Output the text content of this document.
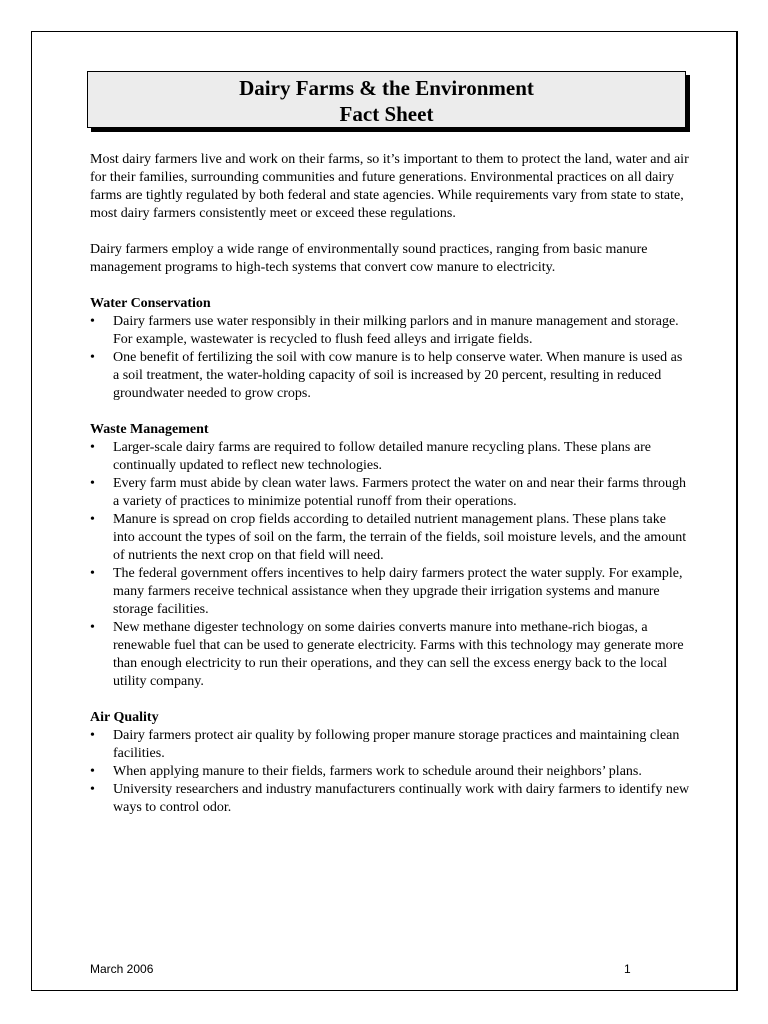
Dairy Farms & the Environment
Fact Sheet

Most dairy farmers live and work on their farms, so it’s important to them to protect the land, water and air for their families, surrounding communities and future generations. Environmental practices on all dairy farms are tightly regulated by both federal and state agencies. While requirements vary from state to state, most dairy farmers consistently meet or exceed these regulations.

Dairy farmers employ a wide range of environmentally sound practices, ranging from basic manure management programs to high-tech systems that convert cow manure to electricity.

Water Conservation
•	Dairy farmers use water responsibly in their milking parlors and in manure management and storage. For example, wastewater is recycled to flush feed alleys and irrigate fields.
•	One benefit of fertilizing the soil with cow manure is to help conserve water. When manure is used as a soil treatment, the water-holding capacity of soil is increased by 20 percent, resulting in reduced groundwater needed to grow crops.
Waste Management
•	Larger-scale dairy farms are required to follow detailed manure recycling plans. These plans are continually updated to reflect new technologies.
•	Every farm must abide by clean water laws. Farmers protect the water on and near their farms through a variety of practices to minimize potential runoff from their operations.
•	Manure is spread on crop fields according to detailed nutrient management plans. These plans take into account the types of soil on the farm, the terrain of the fields, soil moisture levels, and the amount of nutrients the next crop on that field will need.
•	The federal government offers incentives to help dairy farmers protect the water supply. For example, many farmers receive technical assistance when they upgrade their irrigation systems and manure storage facilities.
•	New methane digester technology on some dairies converts manure into methane-rich biogas, a renewable fuel that can be used to generate electricity. Farms with this technology may generate more than enough electricity to run their operations, and they can sell the excess energy back to the local utility company.
Air Quality
•	Dairy farmers protect air quality by following proper manure storage practices and maintaining clean facilities.
•	When applying manure to their fields, farmers work to schedule around their neighbors’ plans.
•	University researchers and industry manufacturers continually work with dairy farmers to identify new ways to control odor.
March 2006	1
